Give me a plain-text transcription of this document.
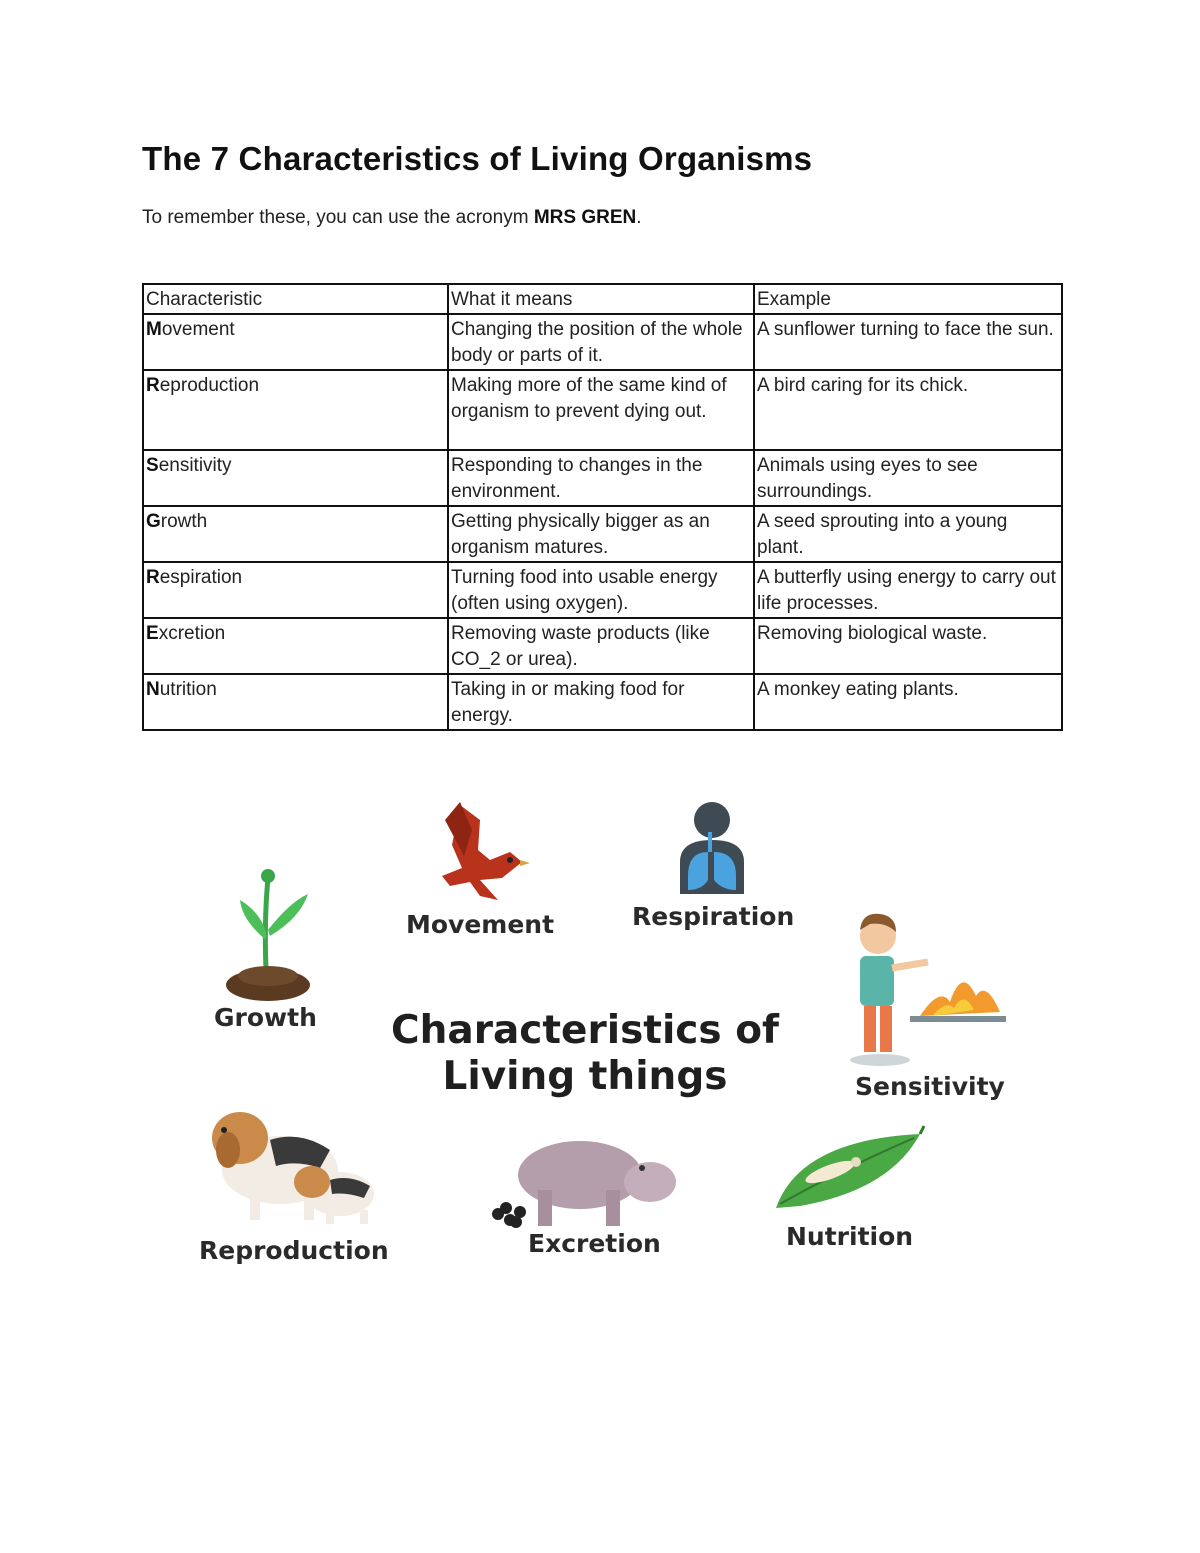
The 7 Characteristics of Living Organisms
To remember these, you can use the acronym MRS GREN.
Characteristic	What it means	Example
Movement	Changing the position of the whole body or parts of it.	A sunflower turning to face the sun.
Reproduction	Making more of the same kind of organism to prevent dying out.	A bird caring for its chick.
Sensitivity	Responding to changes in the environment.	Animals using eyes to see surroundings.
Growth	Getting physically bigger as an organism matures.	A seed sprouting into a young plant.
Respiration	Turning food into usable energy (often using oxygen).	A butterfly using energy to carry out life processes.
Excretion	Removing waste products (like CO_2 or urea).	Removing biological waste.
Nutrition	Taking in or making food for energy.	A monkey eating plants.
Movement	Respiration
Growth
Sensitivity
Reproduction	Excretion	Nutrition
Characteristics of
Living things
